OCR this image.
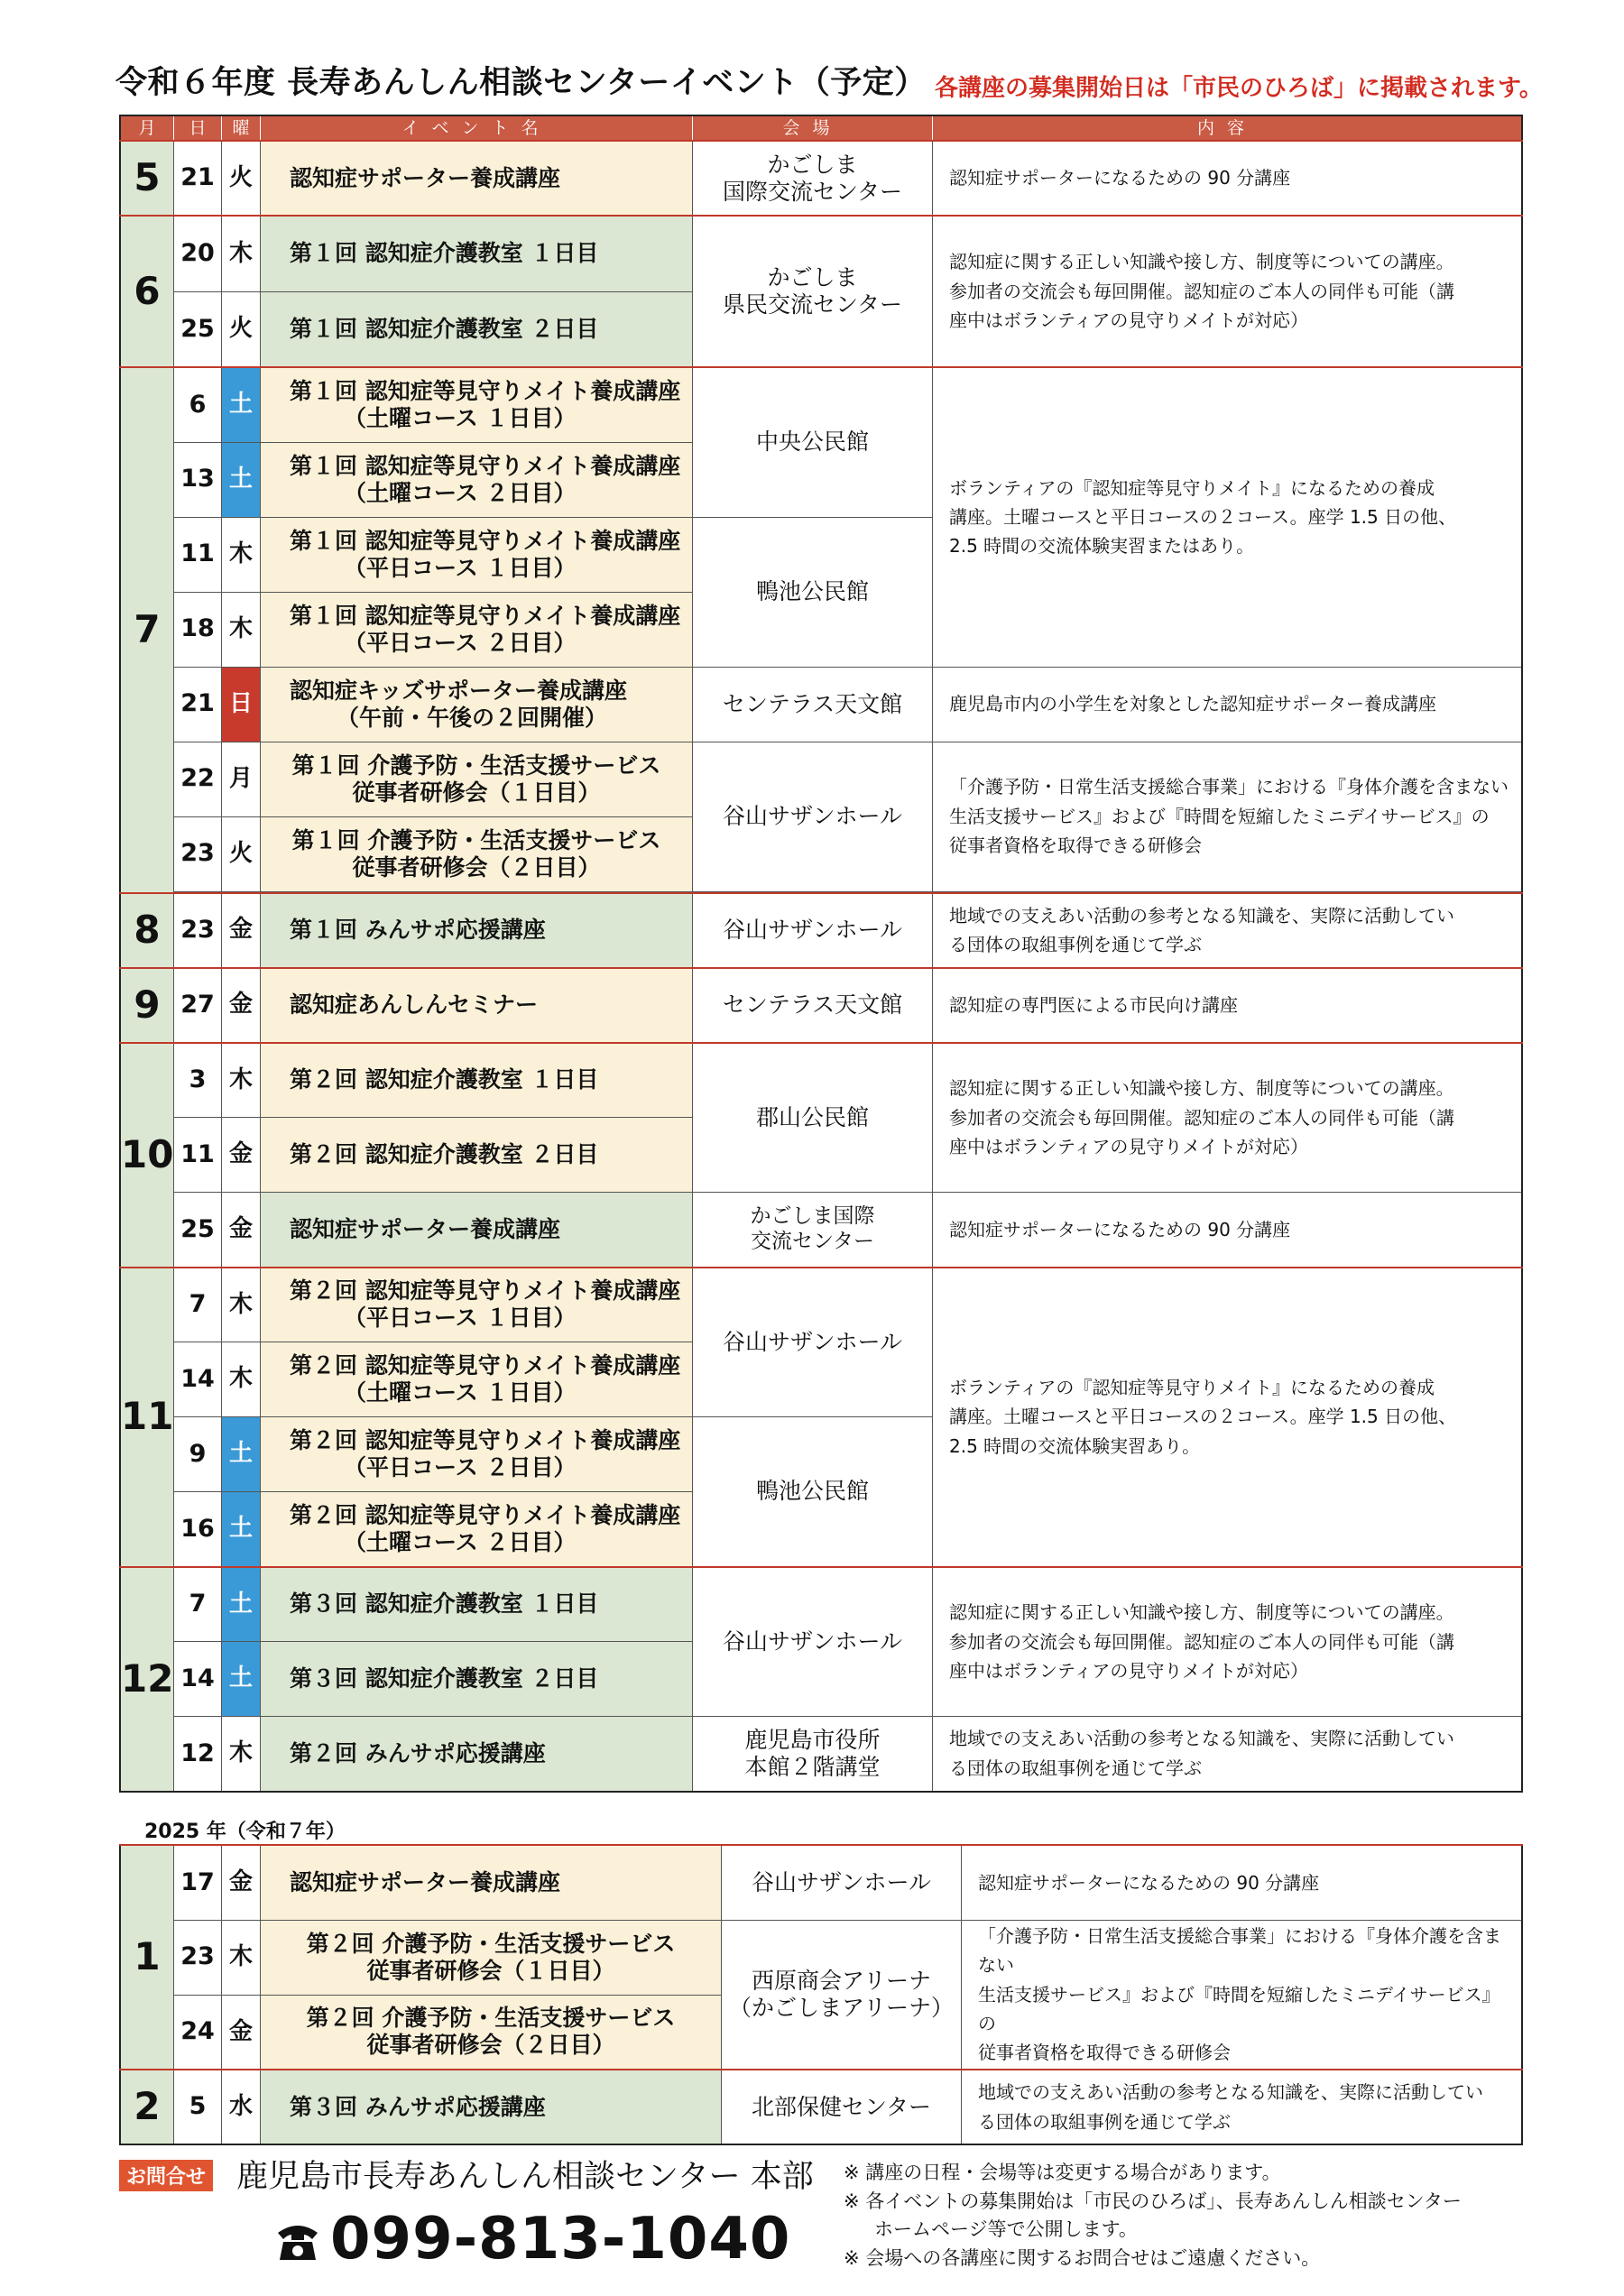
令和６年度 長寿あんしん相談センターイベント（予定） 各講座の募集開始日は「市民のひろば」に掲載されます。
月	日	曜	イベント名	会場	内容
5	21	火	認知症サポーター養成講座	かごしま
国際交流センター	認知症サポーターになるための 90 分講座
6	20	木	第１回 認知症介護教室 １日目	かごしま
県民交流センター	認知症に関する正しい知識や接し方、制度等についての講座。
参加者の交流会も毎回開催。認知症のご本人の同伴も可能（講
座中はボランティアの見守りメイトが対応）

	25	火	第１回 認知症介護教室 ２日目		
7	6	土	第１回 認知症等見守りメイト養成講座
（土曜コース １日目）	中央公民館	ボランティアの『認知症等見守りメイト』になるための養成
講座。土曜コースと平日コースの２コース。座学 1.5 日の他、
2.5 時間の交流体験実習またはあり。

	13	土	第１回 認知症等見守りメイト養成講座
（土曜コース ２日目）		

	11	木	第１回 認知症等見守りメイト養成講座
（平日コース １日目）	鴨池公民館	
	18	木	第１回 認知症等見守りメイト養成講座
（平日コース ２日目）		

	21	日	認知症キッズサポーター養成講座
（午前・午後の２回開催）	センテラス天文館	鹿児島市内の小学生を対象とした認知症サポーター養成講座
	22	月	第１回 介護予防・生活支援サービス
従事者研修会（１日目）	谷山サザンホール	「介護予防・日常生活支援総合事業」における『身体介護を含まない
生活支援サービス』および『時間を短縮したミニデイサービス』の
従事者資格を取得できる研修会

	23	火	第１回 介護予防・生活支援サービス
従事者研修会（２日目）		

8	23	金	第１回 みんサポ応援講座	谷山サザンホール	地域での支えあい活動の参考となる知識を、実際に活動してい
る団体の取組事例を通じて学ぶ

9	27	金	認知症あんしんセミナー	センテラス天文館	認知症の専門医による市民向け講座
10	3	木	第２回 認知症介護教室 １日目	郡山公民館	認知症に関する正しい知識や接し方、制度等についての講座。
参加者の交流会も毎回開催。認知症のご本人の同伴も可能（講
座中はボランティアの見守りメイトが対応）

	11	金	第２回 認知症介護教室 ２日目		
	25	金	認知症サポーター養成講座	かごしま国際
交流センター	認知症サポーターになるための 90 分講座
11	7	木	第２回 認知症等見守りメイト養成講座
（平日コース １日目）	谷山サザンホール	ボランティアの『認知症等見守りメイト』になるための養成
講座。土曜コースと平日コースの２コース。座学 1.5 日の他、
2.5 時間の交流体験実習あり。

	14	木	第２回 認知症等見守りメイト養成講座
（土曜コース １日目）		

	9	土	第２回 認知症等見守りメイト養成講座
（平日コース ２日目）	鴨池公民館	
	16	土	第２回 認知症等見守りメイト養成講座
（土曜コース ２日目）		

12	7	土	第３回 認知症介護教室 １日目	谷山サザンホール	認知症に関する正しい知識や接し方、制度等についての講座。
参加者の交流会も毎回開催。認知症のご本人の同伴も可能（講
座中はボランティアの見守りメイトが対応）

	14	土	第３回 認知症介護教室 ２日目		
	12	木	第２回 みんサポ応援講座	鹿児島市役所
本館２階講堂	地域での支えあい活動の参考となる知識を、実際に活動してい
る団体の取組事例を通じて学ぶ
2025 年（令和７年）
1	17	金	認知症サポーター養成講座	谷山サザンホール	認知症サポーターになるための 90 分講座
	23	木	第２回 介護予防・生活支援サービス
従事者研修会（１日目）	西原商会アリーナ
（かごしまアリーナ）	「介護予防・日常生活支援総合事業」における『身体介護を含まない
生活支援サービス』および『時間を短縮したミニデイサービス』の
従事者資格を取得できる研修会

	24	金	第２回 介護予防・生活支援サービス
従事者研修会（２日目）		

2	5	水	第３回 みんサポ応援講座	北部保健センター	地域での支えあい活動の参考となる知識を、実際に活動してい
る団体の取組事例を通じて学ぶ
お問合せ 鹿児島市長寿あんしん相談センター 本部
099-813-1040
※ 講座の日程・会場等は変更する場合があります。
※ 各イベントの募集開始は「市民のひろば」、長寿あんしん相談センター
ホームページ等で公開します。
※ 会場への各講座に関するお問合せはご遠慮ください。
